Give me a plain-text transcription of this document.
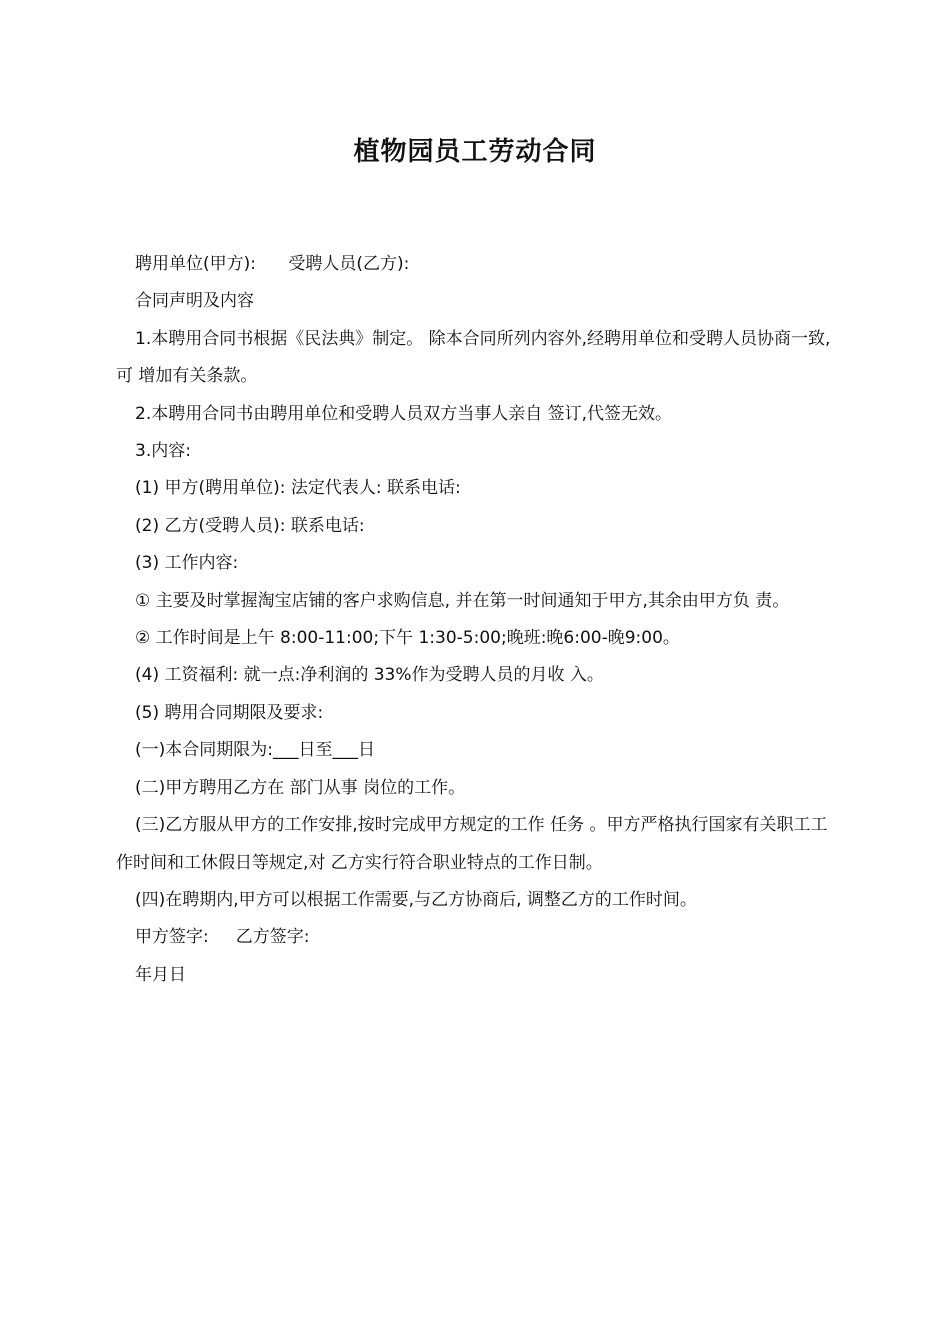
植物园员工劳动合同

聘用单位(甲方):      受聘人员(乙方):

合同声明及内容

1.本聘用合同书根据《民法典》制定。 除本合同所列内容外,经聘用单位和受聘人员协商一致,可 增加有关条款。

2.本聘用合同书由聘用单位和受聘人员双方当事人亲自 签订,代签无效。

3.内容:

(1) 甲方(聘用单位): 法定代表人: 联系电话:

(2) 乙方(受聘人员): 联系电话:

(3) 工作内容:

① 主要及时掌握淘宝店铺的客户求购信息, 并在第一时间通知于甲方,其余由甲方负 责。

② 工作时间是上午 8:00-11:00;下午 1:30-5:00;晚班:晚6:00-晚9:00。

(4) 工资福利: 就一点:净利润的 33%作为受聘人员的月收 入。

(5) 聘用合同期限及要求:

(一)本合同期限为:___日至___日

(二)甲方聘用乙方在 部门从事 岗位的工作。

(三)乙方服从甲方的工作安排,按时完成甲方规定的工作 任务 。甲方严格执行国家有关职工工作时间和工休假日等规定,对 乙方实行符合职业特点的工作日制。

(四)在聘期内,甲方可以根据工作需要,与乙方协商后, 调整乙方的工作时间。

甲方签字:     乙方签字:

年月日
